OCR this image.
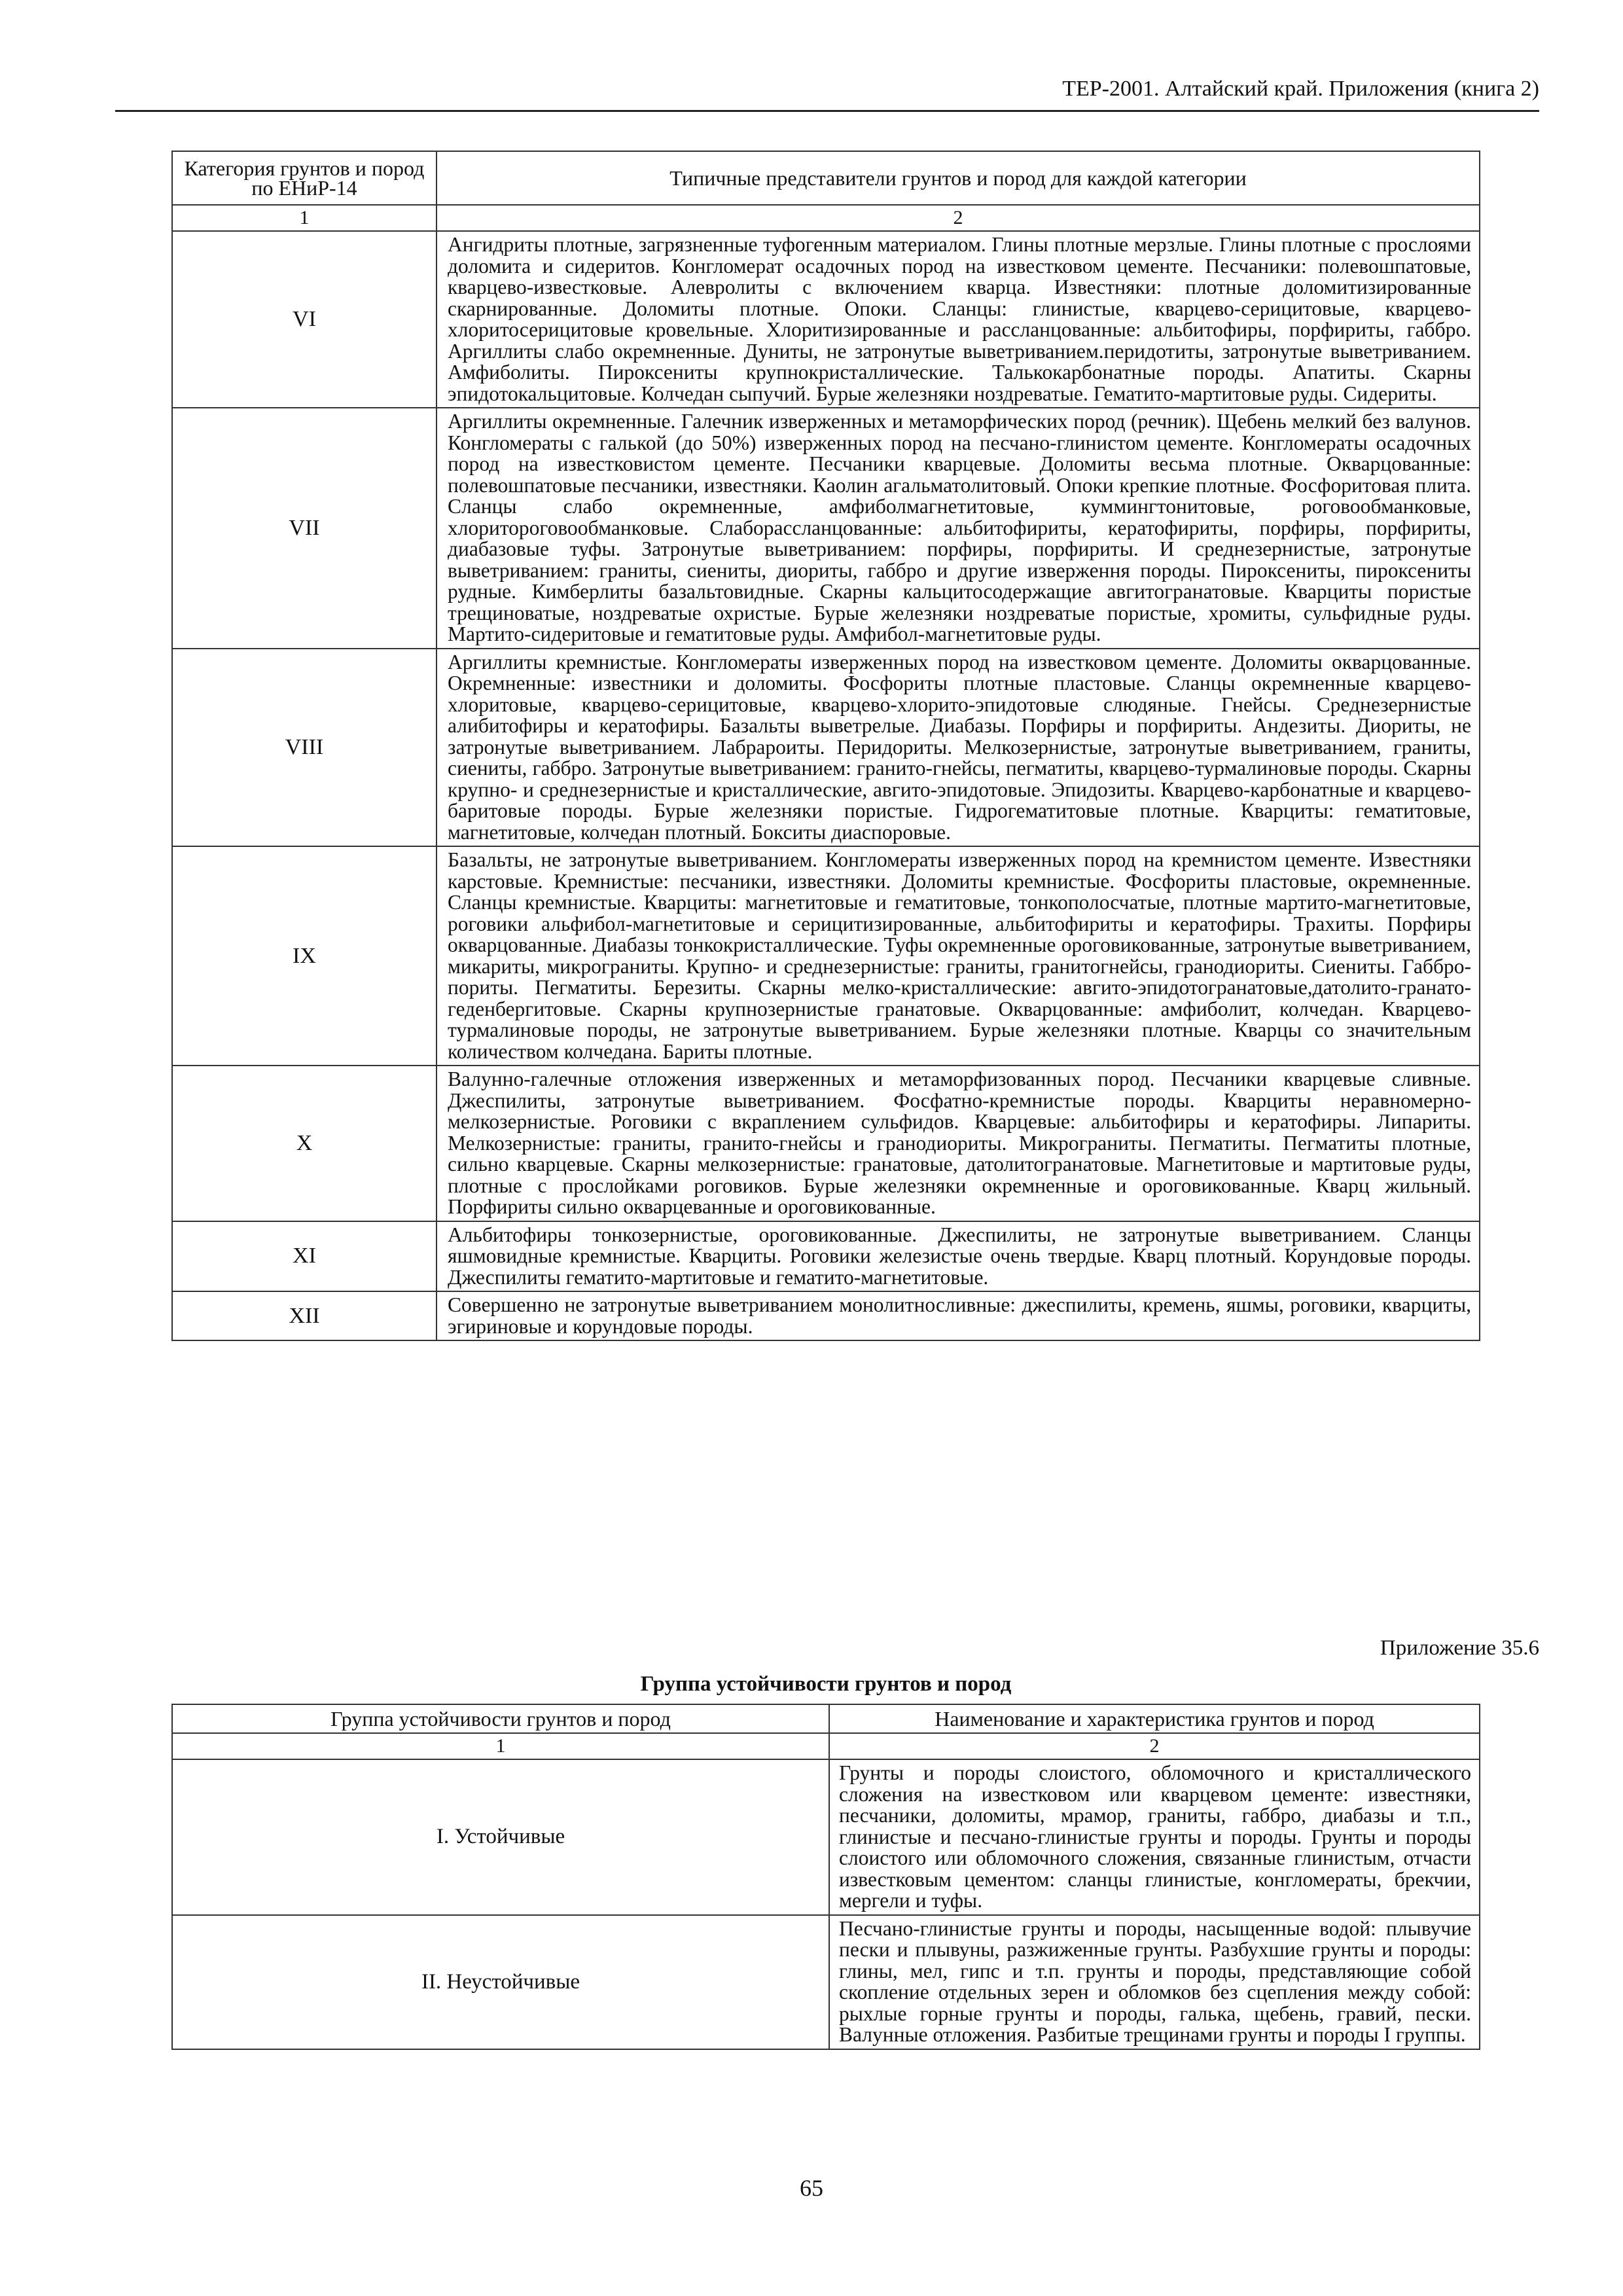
ТЕР-2001. Алтайский край. Приложения (книга 2)
Категория грунтов и пород по ЕНиР-14	Типичные представители грунтов и пород для каждой категории
1	2
VI	Ангидриты плотные, загрязненные туфогенным материалом. Глины плотные мерзлые. Глины плотные с прослоями доломита и сидеритов. Конгломерат осадочных пород на известковом цементе. Песчаники: полевошпатовые, кварцево-известковые. Алевролиты с включением кварца. Известняки: плотные доломитизированные скарнированные. Доломиты плотные. Опоки. Сланцы: глинистые, кварцево-серицитовые, кварцево-хлоритосерицитовые кровельные. Хлоритизированные и рассланцованные: альбитофиры, порфириты, габбро. Аргиллиты слабо окремненные. Дуниты, не затронутые выветриванием.перидотиты, затронутые выветриванием. Амфиболиты. Пироксениты крупнокристаллические. Талькокарбонатные породы. Апатиты. Скарны эпидотокальцитовые. Колчедан сыпучий. Бурые железняки ноздреватые. Гематито-мартитовые руды. Сидериты.
VII	Аргиллиты окремненные. Галечник изверженных и метаморфических пород (речник). Щебень мелкий без валунов. Конгломераты с галькой (до 50%) изверженных пород на песчано-глинистом цементе. Конгломераты осадочных пород на известковистом цементе. Песчаники кварцевые. Доломиты весьма плотные. Окварцованные: полевошпатовые песчаники, известняки. Каолин агальматолитовый. Опоки крепкие плотные. Фосфоритовая плита. Сланцы слабо окремненные, амфиболмагнетитовые, куммингтонитовые, роговообманковые, хлоритороговообманковые. Слаборассланцованные: альбитофириты, кератофириты, порфиры, порфириты, диабазовые туфы. Затронутые выветриванием: порфиры, порфириты. И среднезернистые, затронутые выветриванием: граниты, сиениты, диориты, габбро и другие изверження породы. Пироксениты, пироксениты рудные. Кимберлиты базальтовидные. Скарны кальцитосодержащие авгитогранатовые. Кварциты пористые трещиноватые, ноздреватые охристые. Бурые железняки ноздреватые пористые, хромиты, сульфидные руды. Мартито-сидеритовые и гематитовые руды. Амфибол-магнетитовые руды.
VIII	Аргиллиты кремнистые. Конгломераты изверженных пород на известковом цементе. Доломиты окварцованные. Окремненные: известники и доломиты. Фосфориты плотные пластовые. Сланцы окремненные кварцево-хлоритовые, кварцево-серицитовые, кварцево-хлорито-эпидотовые слюдяные. Гнейсы. Среднезернистые алибитофиры и кератофиры. Базальты выветрелые. Диабазы. Порфиры и порфириты. Андезиты. Диориты, не затронутые выветриванием. Лабрароиты. Перидориты. Мелкозернистые, затронутые выветриванием, граниты, сиениты, габбро. Затронутые выветриванием: гранито-гнейсы, пегматиты, кварцево-турмалиновые породы. Скарны крупно- и среднезернистые и кристаллические, авгито-эпидотовые. Эпидозиты. Кварцево-карбонатные и кварцево-баритовые породы. Бурые железняки пористые. Гидрогематитовые плотные. Кварциты: гематитовые, магнетитовые, колчедан плотный. Бокситы диаспоровые.
IX	Базальты, не затронутые выветриванием. Конгломераты изверженных пород на кремнистом цементе. Известняки карстовые. Кремнистые: песчаники, известняки. Доломиты кремнистые. Фосфориты пластовые, окремненные. Сланцы кремнистые. Кварциты: магнетитовые и гематитовые, тонкополосчатые, плотные мартито-магнетитовые, роговики альфибол-магнетитовые и серицитизированные, альбитофириты и кератофиры. Трахиты. Порфиры окварцованные. Диабазы тонкокристаллические. Туфы окремненные ороговикованные, затронутые выветриванием, микариты, микрограниты. Крупно- и среднезернистые: граниты, гранитогнейсы, гранодиориты. Сиениты. Габбро-пориты. Пегматиты. Березиты. Скарны мелко-кристаллические: авгито-эпидотогранатовые,датолито-гранато-геденбергитовые. Скарны крупнозернистые гранатовые. Окварцованные: амфиболит, колчедан. Кварцево-турмалиновые породы, не затронутые выветриванием. Бурые железняки плотные. Кварцы со значительным количеством колчедана. Бариты плотные.
X	Валунно-галечные отложения изверженных и метаморфизованных пород. Песчаники кварцевые сливные. Джеспилиты, затронутые выветриванием. Фосфатно-кремнистые породы. Кварциты неравномерно-мелкозернистые. Роговики с вкраплением сульфидов. Кварцевые: альбитофиры и кератофиры. Липариты. Мелкозернистые: граниты, гранито-гнейсы и гранодиориты. Микрограниты. Пегматиты. Пегматиты плотные, сильно кварцевые. Скарны мелкозернистые: гранатовые, датолитогранатовые. Магнетитовые и мартитовые руды, плотные с прослойками роговиков. Бурые железняки окремненные и ороговикованные. Кварц жильный. Порфириты сильно окварцеванные и ороговикованные.
XI	Альбитофиры тонкозернистые, ороговикованные. Джеспилиты, не затронутые выветриванием. Сланцы яшмовидные кремнистые. Кварциты. Роговики железистые очень твердые. Кварц плотный. Корундовые породы. Джеспилиты гематито-мартитовые и гематито-магнетитовые.
XII	Совершенно не затронутые выветриванием монолитносливные: джеспилиты, кремень, яшмы, роговики, кварциты, эгириновые и корундовые породы.
Приложение 35.6
Группа устойчивости грунтов и пород
Группа устойчивости грунтов и пород	Наименование и характеристика грунтов и пород
1	2
I. Устойчивые	Грунты и породы слоистого, обломочного и кристаллического сложения на известковом или кварцевом цементе: известняки, песчаники, доломиты, мрамор, граниты, габбро, диабазы и т.п., глинистые и песчано-глинистые грунты и породы. Грунты и породы слоистого или обломочного сложения, связанные глинистым, отчасти известковым цементом: сланцы глинистые, конгломераты, брекчии, мергели и туфы.
II. Неустойчивые	Песчано-глинистые грунты и породы, насыщенные водой: плывучие пески и плывуны, разжиженные грунты. Разбухшие грунты и породы: глины, мел, гипс и т.п. грунты и породы, представляющие собой скопление отдельных зерен и обломков без сцепления между собой: рыхлые горные грунты и породы, галька, щебень, гравий, пески. Валунные отложения. Разбитые трещинами грунты и породы I группы.
65
